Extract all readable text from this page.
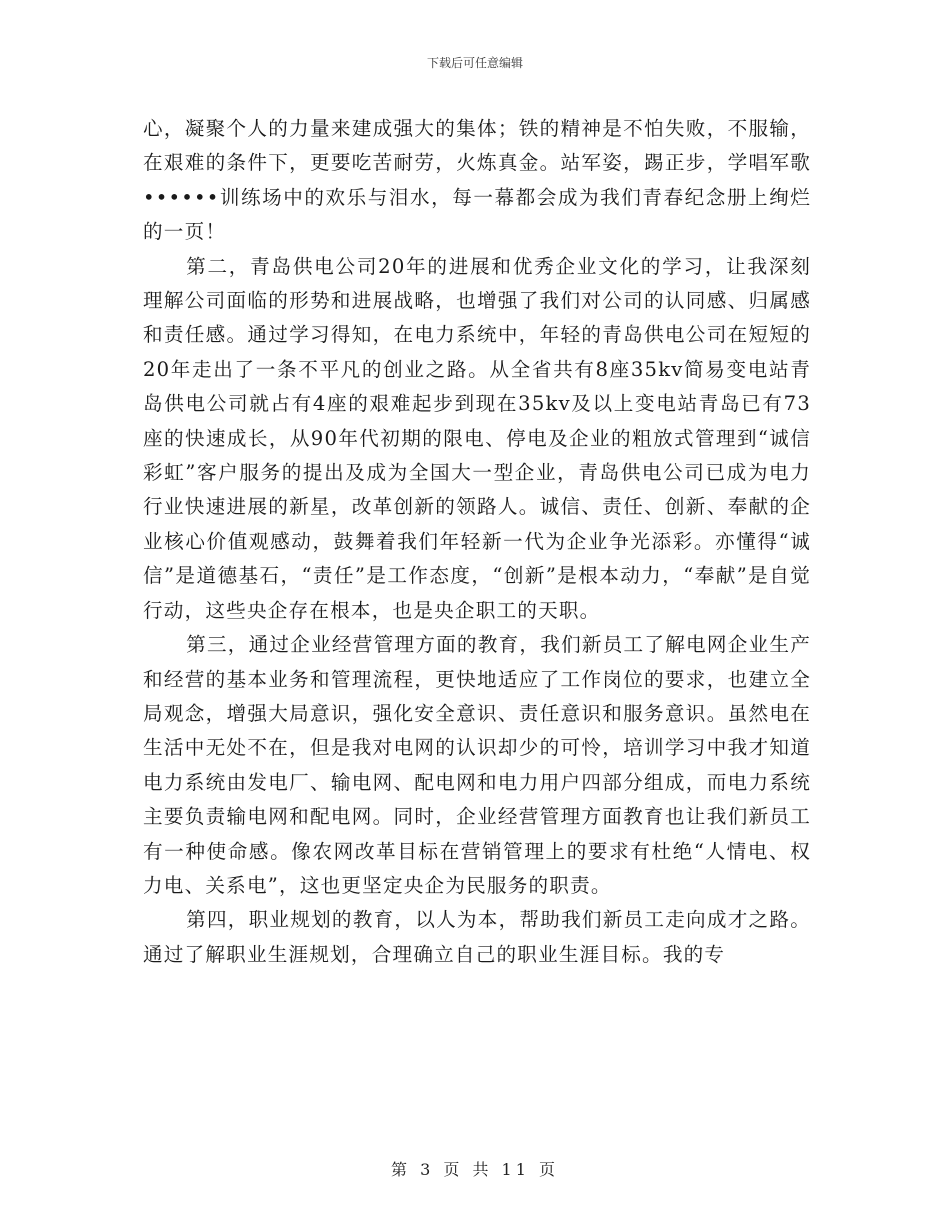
下载后可任意编辑

心，凝聚个人的力量来建成强大的集体；铁的精神是不怕失败，不服输，在艰难的条件下，更要吃苦耐劳，火炼真金。站军姿，踢正步，学唱军歌••••••训练场中的欢乐与泪水，每一幕都会成为我们青春纪念册上绚烂的一页！

第二，青岛供电公司20年的进展和优秀企业文化的学习，让我深刻理解公司面临的形势和进展战略，也增强了我们对公司的认同感、归属感和责任感。通过学习得知，在电力系统中，年轻的青岛供电公司在短短的20年走出了一条不平凡的创业之路。从全省共有8座35kv简易变电站青岛供电公司就占有4座的艰难起步到现在35kv及以上变电站青岛已有73座的快速成长，从90年代初期的限电、停电及企业的粗放式管理到“诚信彩虹”客户服务的提出及成为全国大一型企业，青岛供电公司已成为电力行业快速进展的新星，改革创新的领路人。诚信、责任、创新、奉献的企业核心价值观感动，鼓舞着我们年轻新一代为企业争光添彩。亦懂得“诚信”是道德基石，“责任”是工作态度，“创新”是根本动力，“奉献”是自觉行动，这些央企存在根本，也是央企职工的天职。

第三，通过企业经营管理方面的教育，我们新员工了解电网企业生产和经营的基本业务和管理流程，更快地适应了工作岗位的要求，也建立全局观念，增强大局意识，强化安全意识、责任意识和服务意识。虽然电在生活中无处不在，但是我对电网的认识却少的可怜，培训学习中我才知道电力系统由发电厂、输电网、配电网和电力用户四部分组成，而电力系统主要负责输电网和配电网。同时，企业经营管理方面教育也让我们新员工有一种使命感。像农网改革目标在营销管理上的要求有杜绝“人情电、权力电、关系电”，这也更坚定央企为民服务的职责。

第四，职业规划的教育，以人为本，帮助我们新员工走向成才之路。通过了解职业生涯规划，合理确立自己的职业生涯目标。我的专

第 3 页 共 11 页
